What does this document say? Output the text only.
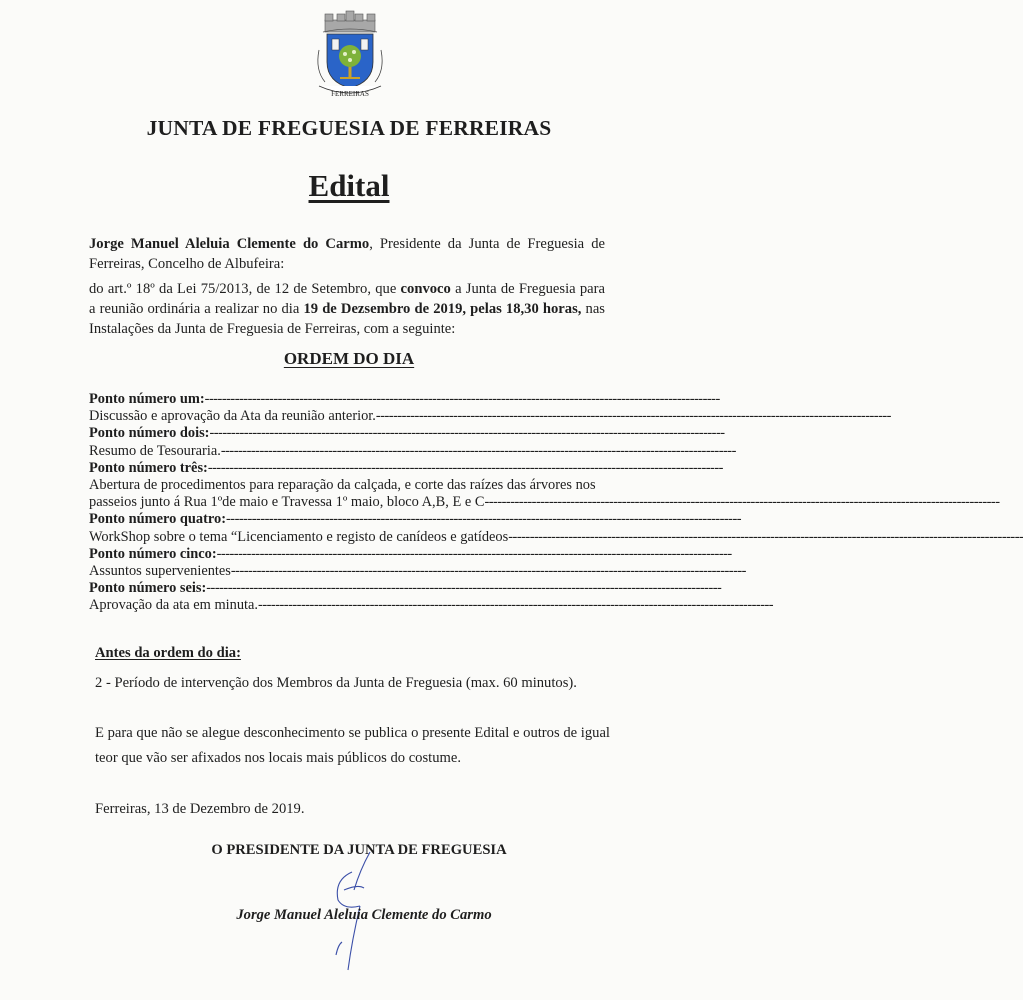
FERREIRAS
JUNTA DE FREGUESIA DE FERREIRAS
Edital
Jorge Manuel Aleluia Clemente do Carmo, Presidente da Junta de Freguesia de Ferreiras, Concelho de Albufeira:
do art.º 18º da Lei 75/2013, de 12 de Setembro, que convoco a Junta de Freguesia para a reunião ordinária a realizar no dia 19 de Dezsembro de 2019, pelas 18,30 horas, nas Instalações da Junta de Freguesia de Ferreiras, com a seguinte:
ORDEM DO DIA
Ponto número um: ------------------------------------------------------------------------------------------------------------------------
Discussão e aprovação da Ata da reunião anterior. ------------------------------------------------------------------------------------------------------------------------
Ponto número dois: ------------------------------------------------------------------------------------------------------------------------
Resumo de Tesouraria. ------------------------------------------------------------------------------------------------------------------------
Ponto número três: ------------------------------------------------------------------------------------------------------------------------
Abertura de procedimentos para reparação da calçada, e corte das raízes das árvores nos
passeios junto á Rua 1ºde maio e Travessa 1º maio, bloco A,B, E e C ------------------------------------------------------------------------------------------------------------------------
Ponto número quatro: ------------------------------------------------------------------------------------------------------------------------
WorkShop sobre o tema “Licenciamento e registo de canídeos e gatídeos ------------------------------------------------------------------------------------------------------------------------
Ponto número cinco: ------------------------------------------------------------------------------------------------------------------------
Assuntos supervenientes ------------------------------------------------------------------------------------------------------------------------
Ponto número seis: ------------------------------------------------------------------------------------------------------------------------
Aprovação da ata em minuta. ------------------------------------------------------------------------------------------------------------------------
Antes da ordem do dia:
2 - Período de intervenção dos Membros da Junta de Freguesia (max. 60 minutos).
E para que não se alegue desconhecimento se publica o presente Edital e outros de igual teor que vão ser afixados nos locais mais públicos do costume.
Ferreiras, 13 de Dezembro de 2019.
O PRESIDENTE DA JUNTA DE FREGUESIA
Jorge Manuel Aleluia Clemente do Carmo
